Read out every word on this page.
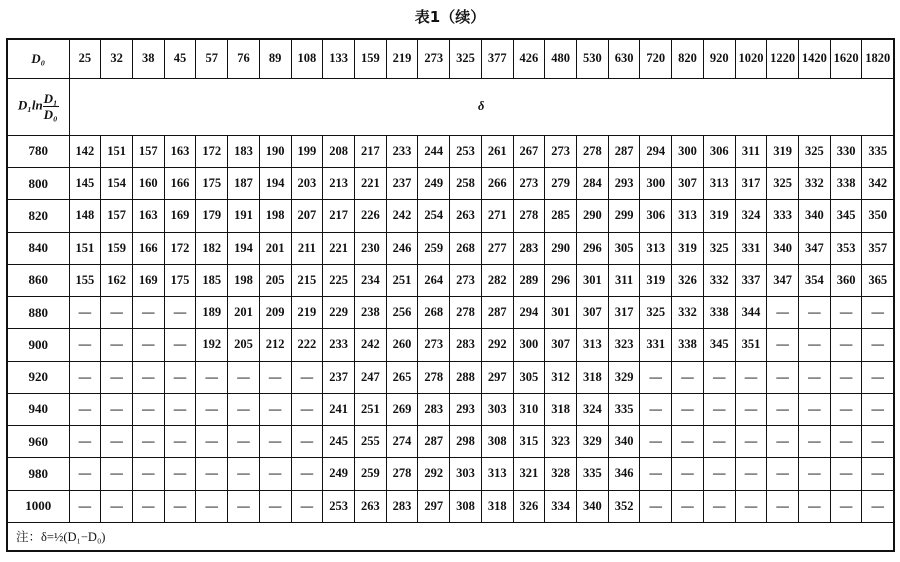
表1（续）
D₀	25	32	38	45	57	76	89	108	133	159	219	273	325	377	426	480	530	630	720	820	920	1020	1220	1420	1620	1820
$D_1\ln \frac{\text{D₁}}{\text{D₀}}$	δ																									
780	142	151	157	163	172	183	190	199	208	217	233	244	253	261	267	273	278	287	294	300	306	311	319	325	330	335
800	145	154	160	166	175	187	194	203	213	221	237	249	258	266	273	279	284	293	300	307	313	317	325	332	338	342
820	148	157	163	169	179	191	198	207	217	226	242	254	263	271	278	285	290	299	306	313	319	324	333	340	345	350
840	151	159	166	172	182	194	201	211	221	230	246	259	268	277	283	290	296	305	313	319	325	331	340	347	353	357
860	155	162	169	175	185	198	205	215	225	234	251	264	273	282	289	296	301	311	319	326	332	337	347	354	360	365
880	—	—	—	—	189	201	209	219	229	238	256	268	278	287	294	301	307	317	325	332	338	344	—	—	—	—
900	—	—	—	—	192	205	212	222	233	242	260	273	283	292	300	307	313	323	331	338	345	351	—	—	—	—
920	—	—	—	—	—	—	—	—	237	247	265	278	288	297	305	312	318	329	—	—	—	—	—	—	—	—
940	—	—	—	—	—	—	—	—	241	251	269	283	293	303	310	318	324	335	—	—	—	—	—	—	—	—
960	—	—	—	—	—	—	—	—	245	255	274	287	298	308	315	323	329	340	—	—	—	—	—	—	—	—
980	—	—	—	—	—	—	—	—	249	259	278	292	303	313	321	328	335	346	—	—	—	—	—	—	—	—
1000	—	—	—	—	—	—	—	—	253	263	283	297	308	318	326	334	340	352	—	—	—	—	—	—	—	—
注：δ=½(D₁−D₀)																										
